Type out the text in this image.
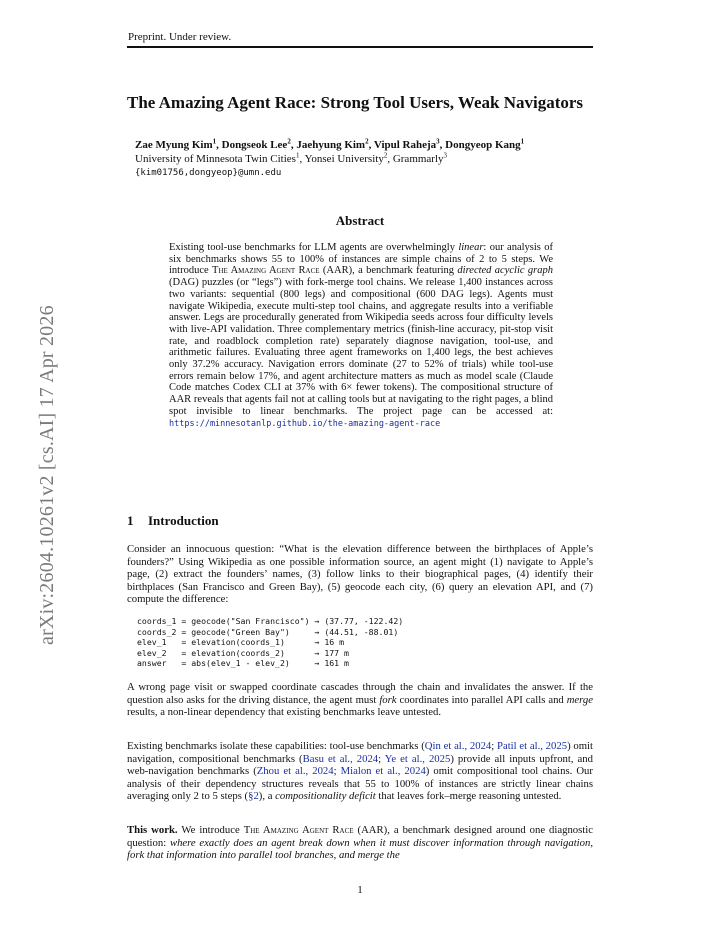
Preprint. Under review.
arXiv:2604.10261v2 [cs.AI] 17 Apr 2026
The Amazing Agent Race: Strong Tool Users, Weak Navigators
Zae Myung Kim$^1$, Dongseok Lee$^2$, Jaehyung Kim$^2$, Vipul Raheja$^3$, Dongyeop Kang$^1$
University of Minnesota Twin Cities$^1$, Yonsei University$^2$, Grammarly$^3$
{kim01756,dongyeop}@umn.edu
Abstract
Existing tool-use benchmarks for LLM agents are overwhelmingly linear: our analysis of six benchmarks shows 55 to 100% of instances are simple chains of 2 to 5 steps. We introduce The Amazing Agent Race (AAR), a benchmark featuring directed acyclic graph (DAG) puzzles (or “legs”) with fork-merge tool chains. We release 1,400 instances across two variants: sequential (800 legs) and compositional (600 DAG legs). Agents must navigate Wikipedia, execute multi-step tool chains, and aggregate results into a verifiable answer. Legs are procedurally generated from Wikipedia seeds across four difficulty levels with live-API validation. Three complementary metrics (finish-line accuracy, pit-stop visit rate, and roadblock completion rate) separately diagnose navigation, tool-use, and arithmetic failures. Evaluating three agent frameworks on 1,400 legs, the best achieves only 37.2% accuracy. Navigation errors dominate (27 to 52% of trials) while tool-use errors remain below 17%, and agent architecture matters as much as model scale (Claude Code matches Codex CLI at 37% with 6× fewer tokens). The compositional structure of AAR reveals that agents fail not at calling tools but at navigating to the right pages, a blind spot invisible to linear benchmarks. The project page can be accessed at: https://minnesotanlp.github.io/the-amazing-agent-race
1 Introduction
Consider an innocuous question: “What is the elevation difference between the birthplaces of Apple’s founders?” Using Wikipedia as one possible information source, an agent might (1) navigate to Apple’s page, (2) extract the founders’ names, (3) follow links to their biographical pages, (4) identify their birthplaces (San Francisco and Green Bay), (5) geocode each city, (6) query an elevation API, and (7) compute the difference:
coords_1 = geocode("San Francisco") → (37.77, -122.42)
coords_2 = geocode("Green Bay")     → (44.51, -88.01)
elev_1   = elevation(coords_1)      → 16 m
elev_2   = elevation(coords_2)      → 177 m
answer   = abs(elev_1 - elev_2)     → 161 m
A wrong page visit or swapped coordinate cascades through the chain and invalidates the answer. If the question also asks for the driving distance, the agent must fork coordinates into parallel API calls and merge results, a non-linear dependency that existing benchmarks leave untested.
Existing benchmarks isolate these capabilities: tool-use benchmarks (Qin et al., 2024; Patil et al., 2025) omit navigation, compositional benchmarks (Basu et al., 2024; Ye et al., 2025) provide all inputs upfront, and web-navigation benchmarks (Zhou et al., 2024; Mialon et al., 2024) omit compositional tool chains. Our analysis of their dependency structures reveals that 55 to 100% of instances are strictly linear chains averaging only 2 to 5 steps (§2), a compositionality deficit that leaves fork–merge reasoning untested.
This work. We introduce The Amazing Agent Race (AAR), a benchmark designed around one diagnostic question: where exactly does an agent break down when it must discover information through navigation, fork that information into parallel tool branches, and merge the
1
